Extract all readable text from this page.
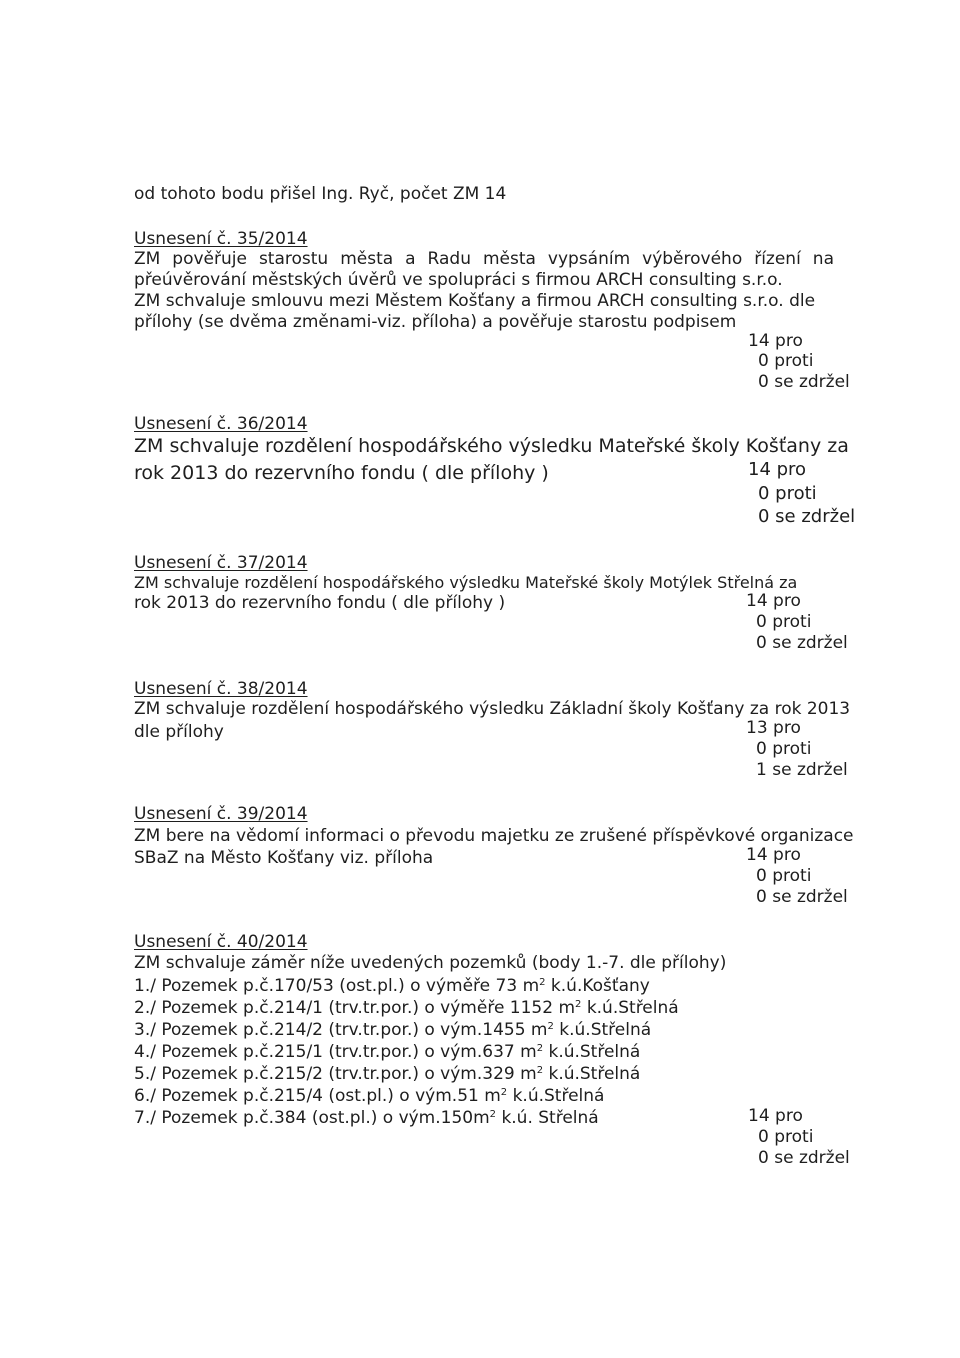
od tohoto bodu přišel Ing. Ryč, počet ZM 14
Usnesení č. 35/2014
ZM pověřuje starostu města a Radu města vypsáním výběrového řízení na
přeúvěrování městských úvěrů ve spolupráci s firmou ARCH consulting s.r.o.
ZM schvaluje smlouvu mezi Městem Košťany a firmou ARCH consulting s.r.o. dle
přílohy (se dvěma změnami-viz. příloha) a pověřuje starostu podpisem
14 pro
0 proti
0 se zdržel
Usnesení č. 36/2014
ZM schvaluje rozdělení hospodářského výsledku Mateřské školy Košťany za
rok 2013 do rezervního fondu ( dle přílohy )	14 pro
0 proti
0 se zdržel
Usnesení č. 37/2014
ZM schvaluje rozdělení hospodářského výsledku Mateřské školy Motýlek Střelná za
rok 2013 do rezervního fondu ( dle přílohy )	14 pro
0 proti
0 se zdržel
Usnesení č. 38/2014
ZM schvaluje rozdělení hospodářského výsledku Základní školy Košťany za rok 2013
dle přílohy	13 pro
0 proti
1 se zdržel
Usnesení č. 39/2014
ZM bere na vědomí informaci o převodu majetku ze zrušené příspěvkové organizace
SBaZ na Město Košťany viz. příloha	14 pro
0 proti
0 se zdržel
Usnesení č. 40/2014
ZM schvaluje záměr níže uvedených pozemků (body 1.-7. dle přílohy)
1./ Pozemek p.č.170/53 (ost.pl.) o výměře 73 $m^2$ k.ú.Košťany
2./ Pozemek p.č.214/1 (trv.tr.por.) o výměře 1152 $m^2$ k.ú.Střelná
3./ Pozemek p.č.214/2 (trv.tr.por.) o vým.1455 $m^2$ k.ú.Střelná
4./ Pozemek p.č.215/1 (trv.tr.por.) o vým.637 $m^2$ k.ú.Střelná
5./ Pozemek p.č.215/2 (trv.tr.por.) o vým.329 $m^2$ k.ú.Střelná
6./ Pozemek p.č.215/4 (ost.pl.) o vým.51 $m^2$ k.ú.Střelná
7./ Pozemek p.č.384 (ost.pl.) o $vým.150m^2$ k.ú. Střelná	14 pro
0 proti
0 se zdržel
